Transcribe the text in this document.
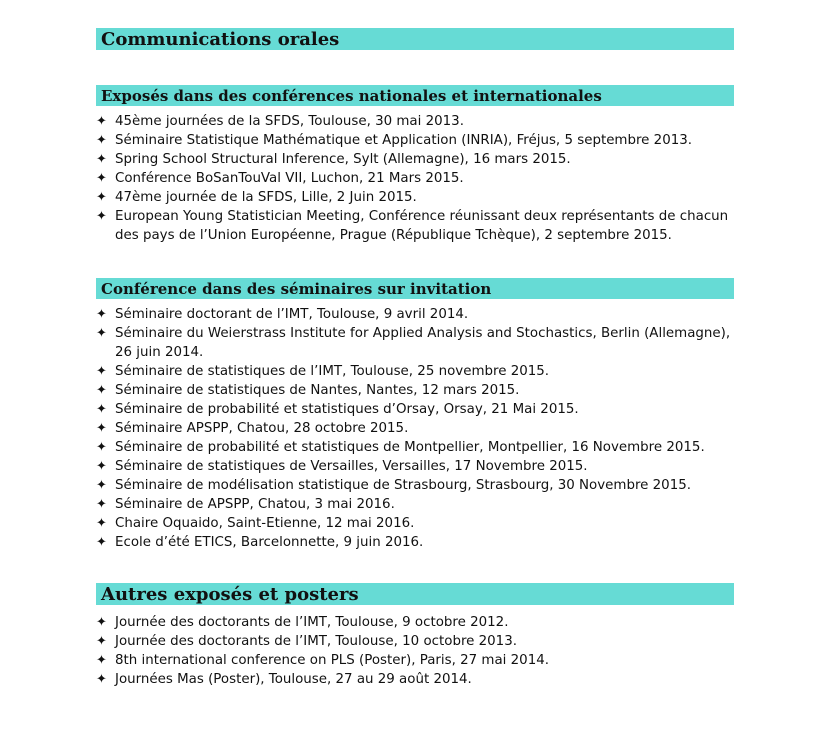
Communications orales
Exposés dans des conférences nationales et internationales
✦ 45ème journées de la SFDS, Toulouse, 30 mai 2013.
✦ Séminaire Statistique Mathématique et Application (INRIA), Fréjus, 5 septembre 2013.
✦ Spring School Structural Inference, Sylt (Allemagne), 16 mars 2015.
✦ Conférence BoSanTouVal VII, Luchon, 21 Mars 2015.
✦ 47ème journée de la SFDS, Lille, 2 Juin 2015.
✦ European Young Statistician Meeting, Conférence réunissant deux représentants de chacun des pays de l’Union Européenne, Prague (République Tchèque), 2 septembre 2015.
Conférence dans des séminaires sur invitation
✦ Séminaire doctorant de l’IMT, Toulouse, 9 avril 2014.
✦ Séminaire du Weierstrass Institute for Applied Analysis and Stochastics, Berlin (Allemagne), 26 juin 2014.
✦ Séminaire de statistiques de l’IMT, Toulouse, 25 novembre 2015.
✦ Séminaire de statistiques de Nantes, Nantes, 12 mars 2015.
✦ Séminaire de probabilité et statistiques d’Orsay, Orsay, 21 Mai 2015.
✦ Séminaire APSPP, Chatou, 28 octobre 2015.
✦ Séminaire de probabilité et statistiques de Montpellier, Montpellier, 16 Novembre 2015.
✦ Séminaire de statistiques de Versailles, Versailles, 17 Novembre 2015.
✦ Séminaire de modélisation statistique de Strasbourg, Strasbourg, 30 Novembre 2015.
✦ Séminaire de APSPP, Chatou, 3 mai 2016.
✦ Chaire Oquaido, Saint-Etienne, 12 mai 2016.
✦ Ecole d’été ETICS, Barcelonnette, 9 juin 2016.
Autres exposés et posters
✦ Journée des doctorants de l’IMT, Toulouse, 9 octobre 2012.
✦ Journée des doctorants de l’IMT, Toulouse, 10 octobre 2013.
✦ 8th international conference on PLS (Poster), Paris, 27 mai 2014.
✦ Journées Mas (Poster), Toulouse, 27 au 29 août 2014.
